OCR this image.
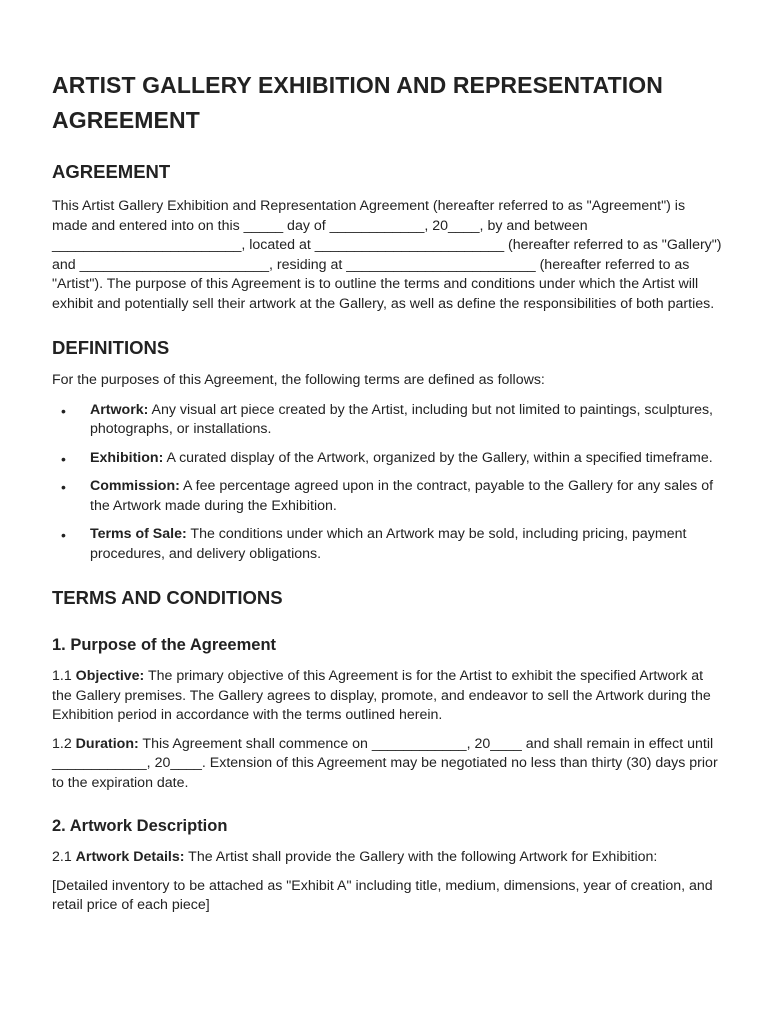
ARTIST GALLERY EXHIBITION AND REPRESENTATION AGREEMENT
AGREEMENT

This Artist Gallery Exhibition and Representation Agreement (hereafter referred to as "Agreement") is made and entered into on this _____ day of ____________, 20____, by and between ________________________, located at ________________________ (hereafter referred to as "Gallery") and ________________________, residing at ________________________ (hereafter referred to as "Artist"). The purpose of this Agreement is to outline the terms and conditions under which the Artist will exhibit and potentially sell their artwork at the Gallery, as well as define the responsibilities of both parties.

DEFINITIONS

For the purposes of this Agreement, the following terms are defined as follows:

• Artwork: Any visual art piece created by the Artist, including but not limited to paintings, sculptures, photographs, or installations.
• Exhibition: A curated display of the Artwork, organized by the Gallery, within a specified timeframe.
• Commission: A fee percentage agreed upon in the contract, payable to the Gallery for any sales of the Artwork made during the Exhibition.
• Terms of Sale: The conditions under which an Artwork may be sold, including pricing, payment procedures, and delivery obligations.
TERMS AND CONDITIONS
1. Purpose of the Agreement

1.1 Objective: The primary objective of this Agreement is for the Artist to exhibit the specified Artwork at the Gallery premises. The Gallery agrees to display, promote, and endeavor to sell the Artwork during the Exhibition period in accordance with the terms outlined herein.

1.2 Duration: This Agreement shall commence on ____________, 20____ and shall remain in effect until ____________, 20____. Extension of this Agreement may be negotiated no less than thirty (30) days prior to the expiration date.

2. Artwork Description

2.1 Artwork Details: The Artist shall provide the Gallery with the following Artwork for Exhibition:

[Detailed inventory to be attached as "Exhibit A" including title, medium, dimensions, year of creation, and retail price of each piece]
